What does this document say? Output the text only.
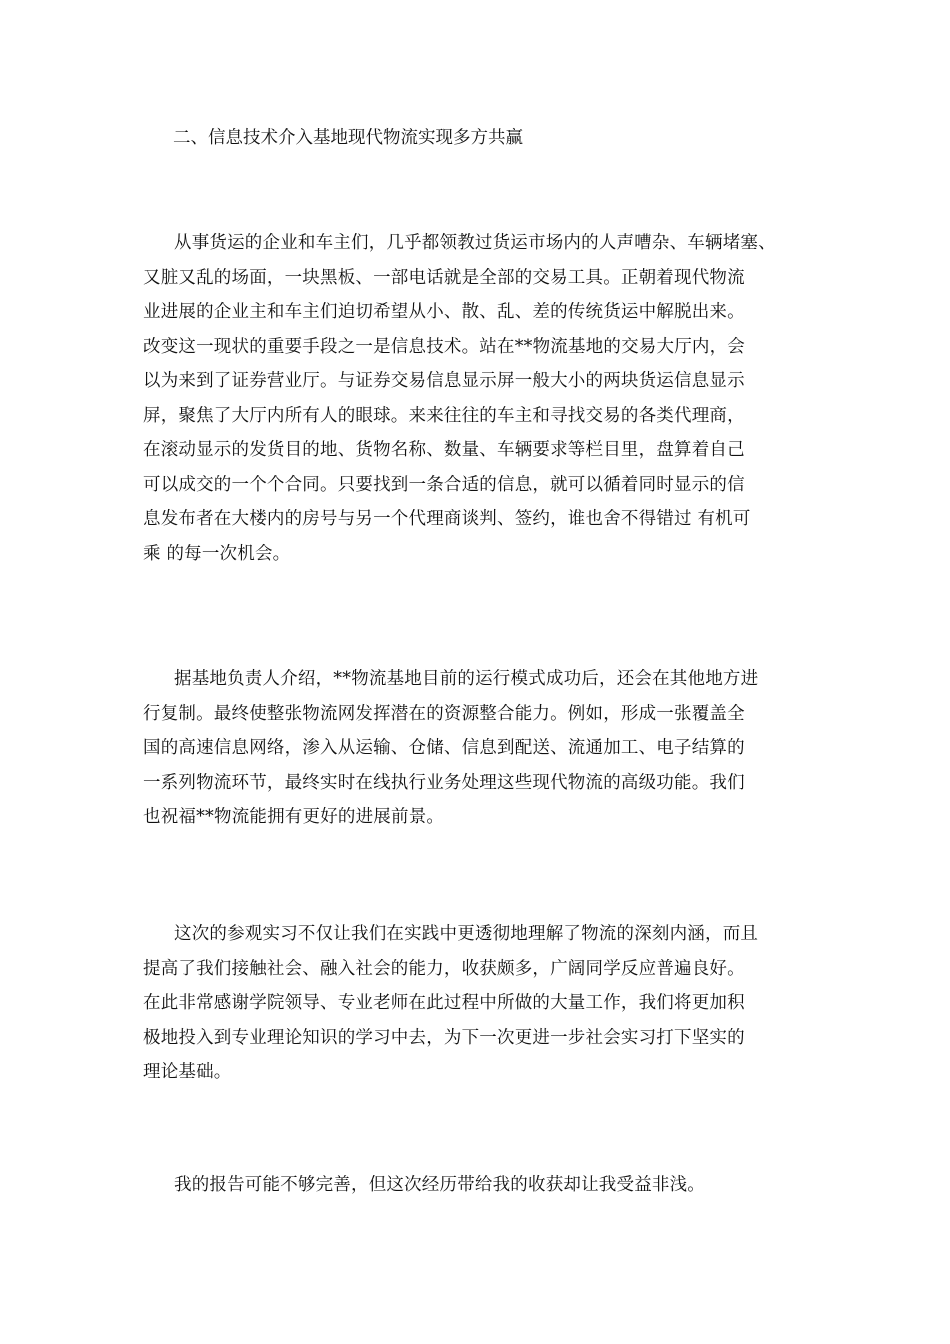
二、信息技术介入基地现代物流实现多方共赢
从事货运的企业和车主们，几乎都领教过货运市场内的人声嘈杂、车辆堵塞、
又脏又乱的场面，一块黑板、一部电话就是全部的交易工具。正朝着现代物流
业进展的企业主和车主们迫切希望从小、散、乱、差的传统货运中解脱出来。
改变这一现状的重要手段之一是信息技术。站在**物流基地的交易大厅内，会
以为来到了证券营业厅。与证券交易信息显示屏一般大小的两块货运信息显示
屏，聚焦了大厅内所有人的眼球。来来往往的车主和寻找交易的各类代理商，
在滚动显示的发货目的地、货物名称、数量、车辆要求等栏目里，盘算着自己
可以成交的一个个合同。只要找到一条合适的信息，就可以循着同时显示的信
息发布者在大楼内的房号与另一个代理商谈判、签约，谁也舍不得错过 有机可
乘 的每一次机会。
据基地负责人介绍，**物流基地目前的运行模式成功后，还会在其他地方进
行复制。最终使整张物流网发挥潜在的资源整合能力。例如，形成一张覆盖全
国的高速信息网络，渗入从运输、仓储、信息到配送、流通加工、电子结算的
一系列物流环节，最终实时在线执行业务处理这些现代物流的高级功能。我们
也祝福**物流能拥有更好的进展前景。
这次的参观实习不仅让我们在实践中更透彻地理解了物流的深刻内涵，而且
提高了我们接触社会、融入社会的能力，收获颇多，广阔同学反应普遍良好。
在此非常感谢学院领导、专业老师在此过程中所做的大量工作，我们将更加积
极地投入到专业理论知识的学习中去，为下一次更进一步社会实习打下坚实的
理论基础。
我的报告可能不够完善，但这次经历带给我的收获却让我受益非浅。
